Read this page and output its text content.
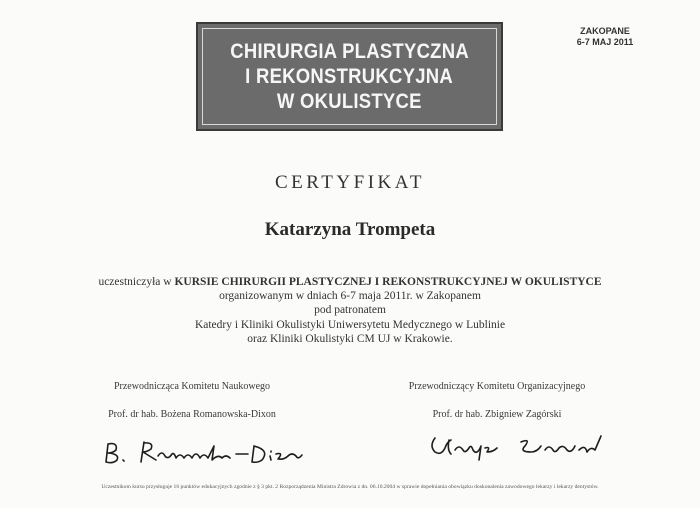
CHIRURGIA PLASTYCZNA
I REKONSTRUKCYJNA
W OKULISTYCE
ZAKOPANE
6-7 MAJ 2011
CERTYFIKAT
Katarzyna Trompeta
uczestniczyła w KURSIE CHIRURGII PLASTYCZNEJ I REKONSTRUKCYJNEJ W OKULISTYCE
organizowanym w dniach 6-7 maja 2011r. w Zakopanem
pod patronatem
Katedry i Kliniki Okulistyki Uniwersytetu Medycznego w Lublinie
oraz Kliniki Okulistyki CM UJ w Krakowie.
Przewodnicząca Komitetu Naukowego
Prof. dr hab. Bożena Romanowska-Dixon
Przewodniczący Komitetu Organizacyjnego
Prof. dr hab. Zbigniew Zagórski
Uczestnikom kursu przysługuje 16 punktów edukacyjnych zgodnie z § 3 pkt. 2 Rozporządzenia Ministra Zdrowia z dn. 06.10.2004 w sprawie dopełniania obowiązku doskonalenia zawodowego lekarzy i lekarzy dentystów.
